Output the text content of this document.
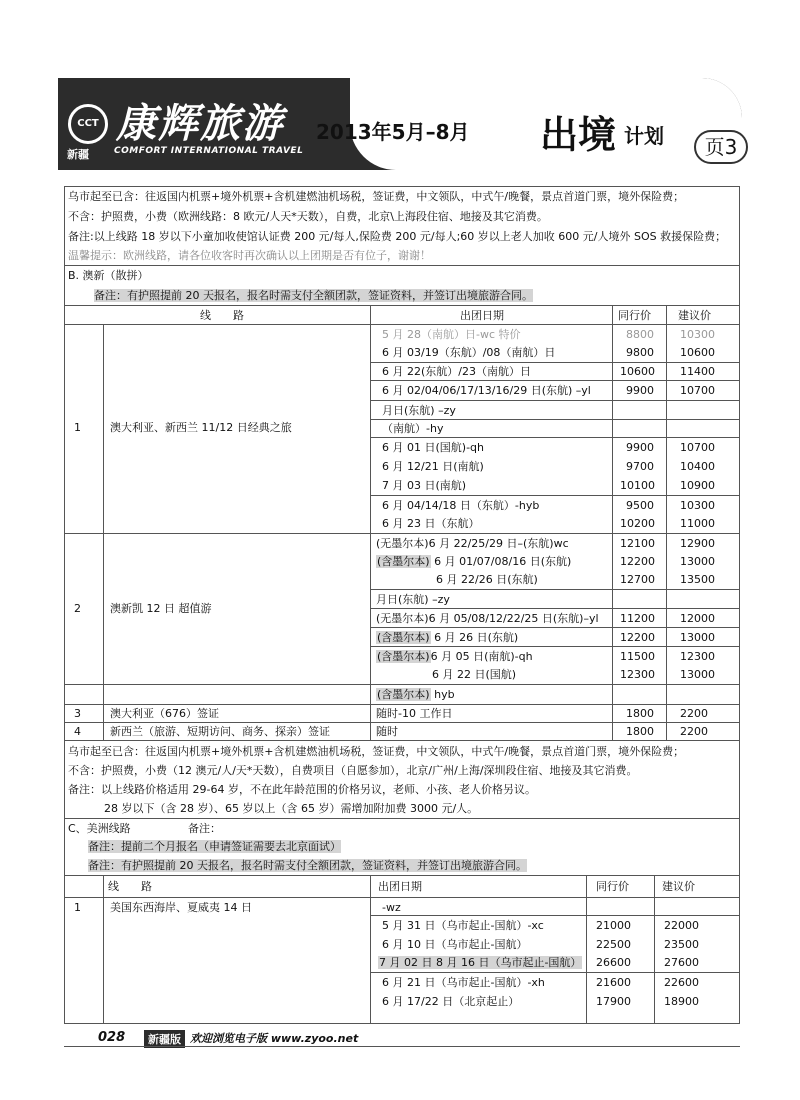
CCT
新疆
康辉旅游
COMFORT INTERNATIONAL TRAVEL
2013年5月–8月 出境 计划	页3
乌市起至已含：往返国内机票+境外机票+含机建燃油机场税，签证费，中文领队，中式午/晚餐，景点首道门票，境外保险费；
不含：护照费，小费（欧洲线路：8 欧元/人天*天数），自费，北京\上海段住宿、地接及其它消费。
备注:以上线路 18 岁以下小童加收使馆认证费 200 元/每人,保险费 200 元/每人;60 岁以上老人加收 600 元/人境外 SOS 救援保险费；
温馨提示：欧洲线路，请各位收客时再次确认以上团期是否有位子，谢谢！
B. 澳新（散拼）
备注：有护照提前 20 天报名，报名时需支付全额团款，签证资料，并签订出境旅游合同。
线　　路	出团日期	同行价 建议价
1	澳大利亚、新西兰 11/12 日经典之旅
5 月 28（南航）日-wc 特价	8800 10300
6 月 03/19（东航）/08（南航）日	9800 10600
6 月 22(东航）/23（南航）日	10600 11400
6 月 02/04/06/17/13/16/29 日(东航) –yl	9900 10700
月日(东航) –zy
（南航）-hy
6 月 01 日(国航)-qh	9900 10700
6 月 12/21 日(南航)	9700 10400
7 月 03 日(南航)	10100 10900
6 月 04/14/18 日（东航）-hyb	9500 10300
6 月 23 日（东航）	10200 11000
2	澳新凯 12 日 超值游
(无墨尔本)6 月 22/25/29 日–(东航)wc	12100 12900
(含墨尔本) 6 月 01/07/08/16 日(东航)	12200 13000
6 月 22/26 日(东航)	12700 13500
月日(东航) –zy
(无墨尔本)6 月 05/08/12/22/25 日(东航)–yl 11200 12000
(含墨尔本) 6 月 26 日(东航)	12200 13000
(含墨尔本)6 月 05 日(南航)-qh	11500 12300
6 月 22 日(国航)	12300 13000
(含墨尔本) hyb
3	澳大利亚（676）签证	随时-10 工作日	1800 2200
4	新西兰（旅游、短期访问、商务、探亲）签证	随时	1800 2200
乌市起至已含：往返国内机票+境外机票+含机建燃油机场税，签证费，中文领队，中式午/晚餐，景点首道门票，境外保险费；
不含：护照费，小费（12 澳元/人/天*天数），自费项目（自愿参加），北京/广州/上海/深圳段住宿、地接及其它消费。
备注：以上线路价格适用 29-64 岁，不在此年龄范围的价格另议，老师、小孩、老人价格另议。
28 岁以下（含 28 岁）、65 岁以上（含 65 岁）需增加附加费 3000 元/人。
C、美洲线路	备注：
备注：提前二个月报名（申请签证需要去北京面试）
备注：有护照提前 20 天报名，报名时需支付全额团款，签证资料，并签订出境旅游合同。
线　　路	出团日期	同行价	建议价
1	美国东西海岸、夏威夷 14 日	-wz
5 月 31 日（乌市起止-国航）-xc	21000	22000
6 月 10 日（乌市起止-国航）	22500	23500
7 月 02 日 8 月 16 日（乌市起止-国航） 26600	27600
6 月 21 日（乌市起止-国航）-xh	21600	22600
6 月 17/22 日（北京起止）	17900	18900
028	新疆版 欢迎浏览电子版 www.zyoo.net
